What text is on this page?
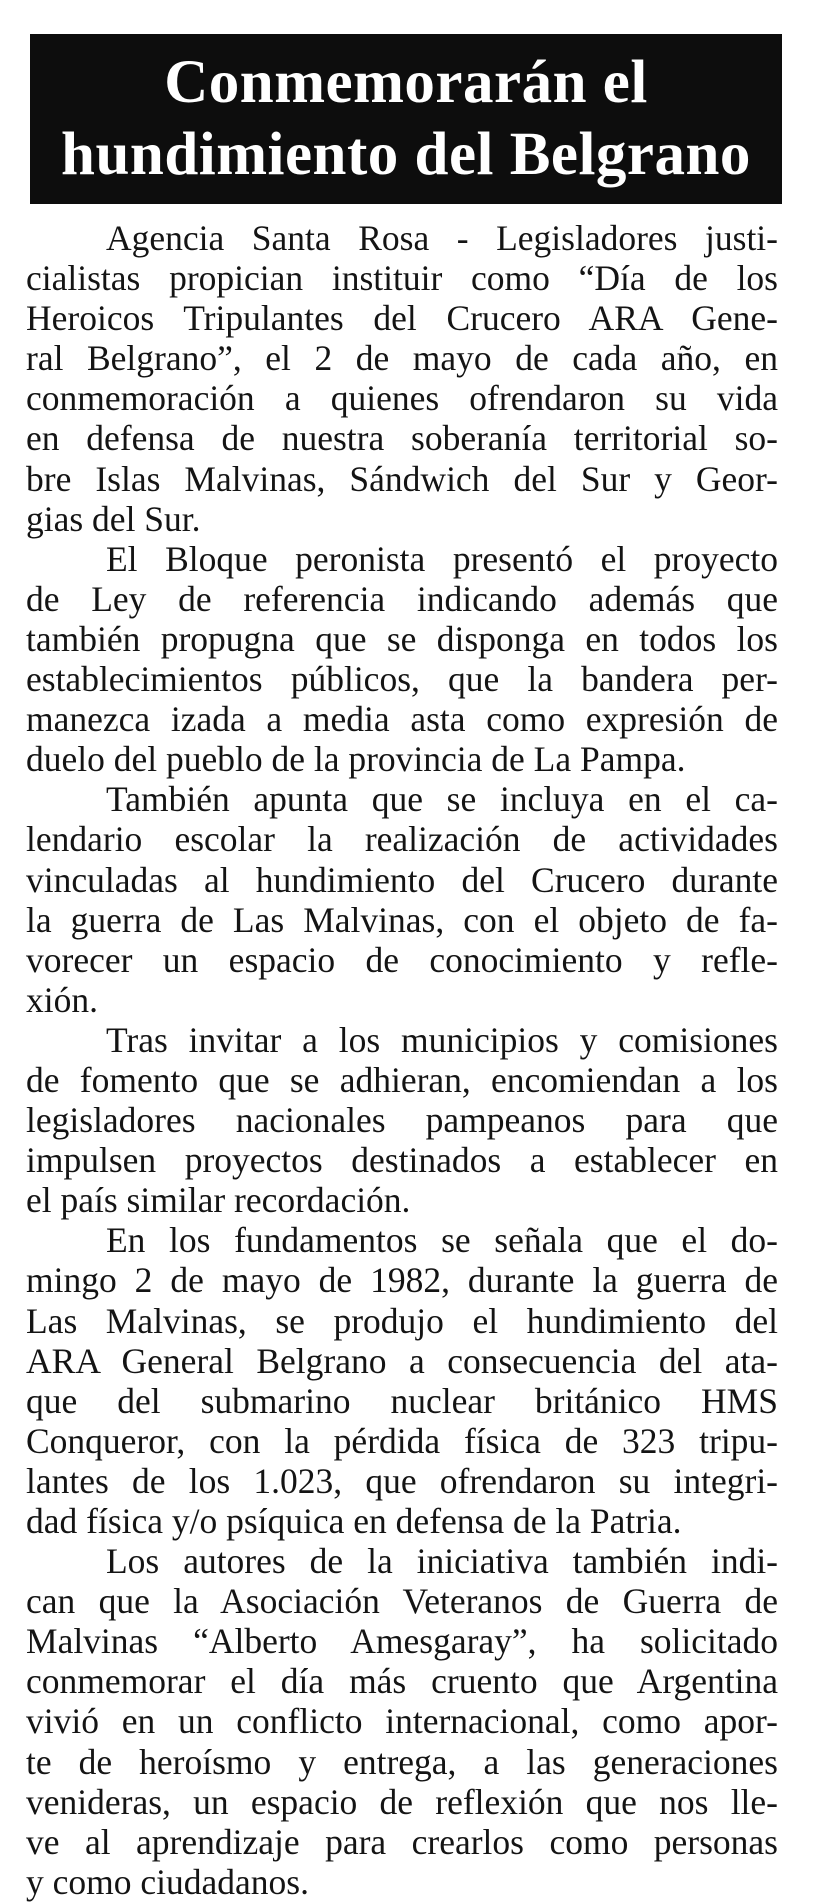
Conmemorarán el
hundimiento del Belgrano
Agencia Santa Rosa - Legisladores justi-
cialistas propician instituir como “Día de los
Heroicos Tripulantes del Crucero ARA Gene-
ral Belgrano”, el 2 de mayo de cada año, en
conmemoración a quienes ofrendaron su vida
en defensa de nuestra soberanía territorial so-
bre Islas Malvinas, Sándwich del Sur y Geor-
gias del Sur.
El Bloque peronista presentó el proyecto
de Ley de referencia indicando además que
también propugna que se disponga en todos los
establecimientos públicos, que la bandera per-
manezca izada a media asta como expresión de
duelo del pueblo de la provincia de La Pampa.
También apunta que se incluya en el ca-
lendario escolar la realización de actividades
vinculadas al hundimiento del Crucero durante
la guerra de Las Malvinas, con el objeto de fa-
vorecer un espacio de conocimiento y refle-
xión.
Tras invitar a los municipios y comisiones
de fomento que se adhieran, encomiendan a los
legisladores nacionales pampeanos para que
impulsen proyectos destinados a establecer en
el país similar recordación.
En los fundamentos se señala que el do-
mingo 2 de mayo de 1982, durante la guerra de
Las Malvinas, se produjo el hundimiento del
ARA General Belgrano a consecuencia del ata-
que del submarino nuclear británico HMS
Conqueror, con la pérdida física de 323 tripu-
lantes de los 1.023, que ofrendaron su integri-
dad física y/o psíquica en defensa de la Patria.
Los autores de la iniciativa también indi-
can que la Asociación Veteranos de Guerra de
Malvinas “Alberto Amesgaray”, ha solicitado
conmemorar el día más cruento que Argentina
vivió en un conflicto internacional, como apor-
te de heroísmo y entrega, a las generaciones
venideras, un espacio de reflexión que nos lle-
ve al aprendizaje para crearlos como personas
y como ciudadanos.
